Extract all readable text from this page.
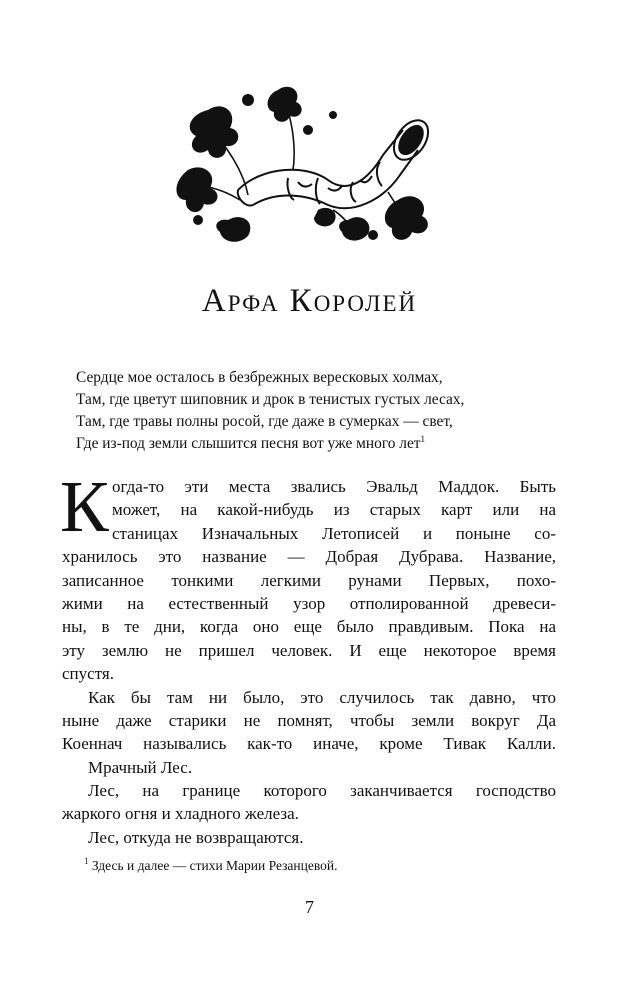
Арфа Королей
Сердце мое осталось в безбрежных вересковых холмах,
Там, где цветут шиповник и дрок в тенистых густых лесах,
Там, где травы полны росой, где даже в сумерках — свет,
Где из-под земли слышится песня вот уже много лет$^1$
К огда-то эти места звались Эвальд Маддок. Быть
может, на какой-нибудь из старых карт или на
станицах Изначальных Летописей и поныне со-
хранилось это название — Добрая Дубрава. Название,
записанное тонкими легкими рунами Первых, похо-
жими на естественный узор отполированной древеси-
ны, в те дни, когда оно еще было правдивым. Пока на
эту землю не пришел человек. И еще некоторое время
спустя.
Как бы там ни было, это случилось так давно, что
ныне даже старики не помнят, чтобы земли вокруг Да
Коеннач назывались как-то иначе, кроме Тивак Калли.
Мрачный Лес.
Лес, на границе которого заканчивается господство
жаркого огня и хладного железа.
Лес, откуда не возвращаются.
$^1$ Здесь и далее — стихи Марии Резанцевой.
7
